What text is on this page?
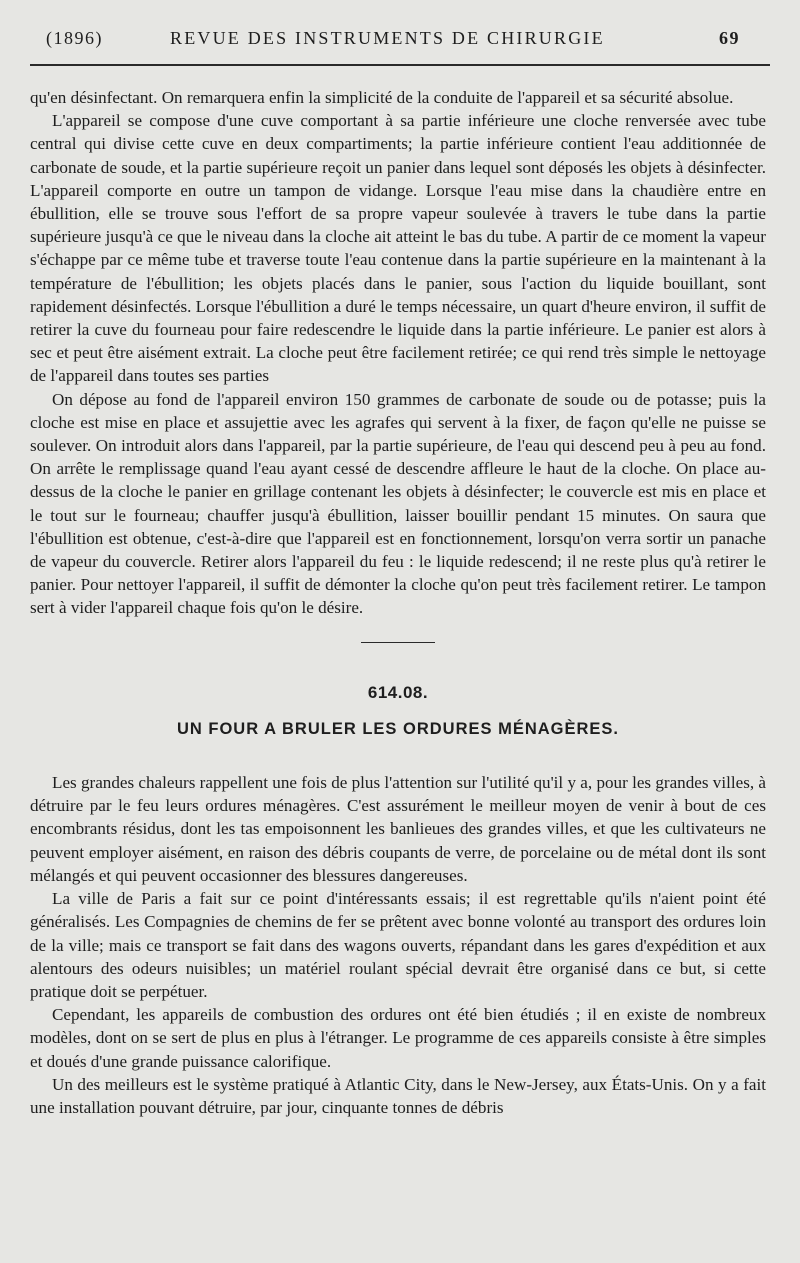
(1896)	REVUE DES INSTRUMENTS DE CHIRURGIE	69

qu'en désinfectant. On remarquera enfin la simplicité de la conduite de l'appareil et sa sécurité absolue.

L'appareil se compose d'une cuve comportant à sa partie inférieure une cloche renversée avec tube central qui divise cette cuve en deux compartiments; la partie inférieure contient l'eau additionnée de carbonate de soude, et la partie supérieure reçoit un panier dans lequel sont déposés les objets à désinfecter. L'appareil comporte en outre un tampon de vidange. Lorsque l'eau mise dans la chaudière entre en ébullition, elle se trouve sous l'effort de sa propre vapeur soulevée à travers le tube dans la partie supérieure jusqu'à ce que le niveau dans la cloche ait atteint le bas du tube. A partir de ce moment la vapeur s'échappe par ce même tube et traverse toute l'eau contenue dans la partie supérieure en la maintenant à la température de l'ébullition; les objets placés dans le panier, sous l'action du liquide bouillant, sont rapidement désinfectés. Lorsque l'ébullition a duré le temps nécessaire, un quart d'heure environ, il suffit de retirer la cuve du fourneau pour faire redescendre le liquide dans la partie inférieure. Le panier est alors à sec et peut être aisément extrait. La cloche peut être facilement retirée; ce qui rend très simple le nettoyage de l'appareil dans toutes ses parties

On dépose au fond de l'appareil environ 150 grammes de carbonate de soude ou de potasse; puis la cloche est mise en place et assujettie avec les agrafes qui servent à la fixer, de façon qu'elle ne puisse se soulever. On introduit alors dans l'appareil, par la partie supérieure, de l'eau qui descend peu à peu au fond. On arrête le remplissage quand l'eau ayant cessé de descendre affleure le haut de la cloche. On place au-dessus de la cloche le panier en grillage contenant les objets à désinfecter; le couvercle est mis en place et le tout sur le fourneau; chauffer jusqu'à ébullition, laisser bouillir pendant 15 minutes. On saura que l'ébullition est obtenue, c'est-à-dire que l'appareil est en fonctionnement, lorsqu'on verra sortir un panache de vapeur du couvercle. Retirer alors l'appareil du feu : le liquide redescend; il ne reste plus qu'à retirer le panier. Pour nettoyer l'appareil, il suffit de démonter la cloche qu'on peut très facilement retirer. Le tampon sert à vider l'appareil chaque fois qu'on le désire.

614.08.
UN FOUR A BRULER LES ORDURES MÉNAGÈRES.

Les grandes chaleurs rappellent une fois de plus l'attention sur l'utilité qu'il y a, pour les grandes villes, à détruire par le feu leurs ordures ménagères. C'est assurément le meilleur moyen de venir à bout de ces encombrants résidus, dont les tas empoisonnent les banlieues des grandes villes, et que les cultivateurs ne peuvent employer aisément, en raison des débris coupants de verre, de porcelaine ou de métal dont ils sont mélangés et qui peuvent occasionner des blessures dangereuses.

La ville de Paris a fait sur ce point d'intéressants essais; il est regrettable qu'ils n'aient point été généralisés. Les Compagnies de chemins de fer se prêtent avec bonne volonté au transport des ordures loin de la ville; mais ce transport se fait dans des wagons ouverts, répandant dans les gares d'expédition et aux alentours des odeurs nuisibles; un matériel roulant spécial devrait être organisé dans ce but, si cette pratique doit se perpétuer.

Cependant, les appareils de combustion des ordures ont été bien étudiés ; il en existe de nombreux modèles, dont on se sert de plus en plus à l'étranger. Le programme de ces appareils consiste à être simples et doués d'une grande puissance calorifique.

Un des meilleurs est le système pratiqué à Atlantic City, dans le New-Jersey, aux États-Unis. On y a fait une installation pouvant détruire, par jour, cinquante tonnes de débris
